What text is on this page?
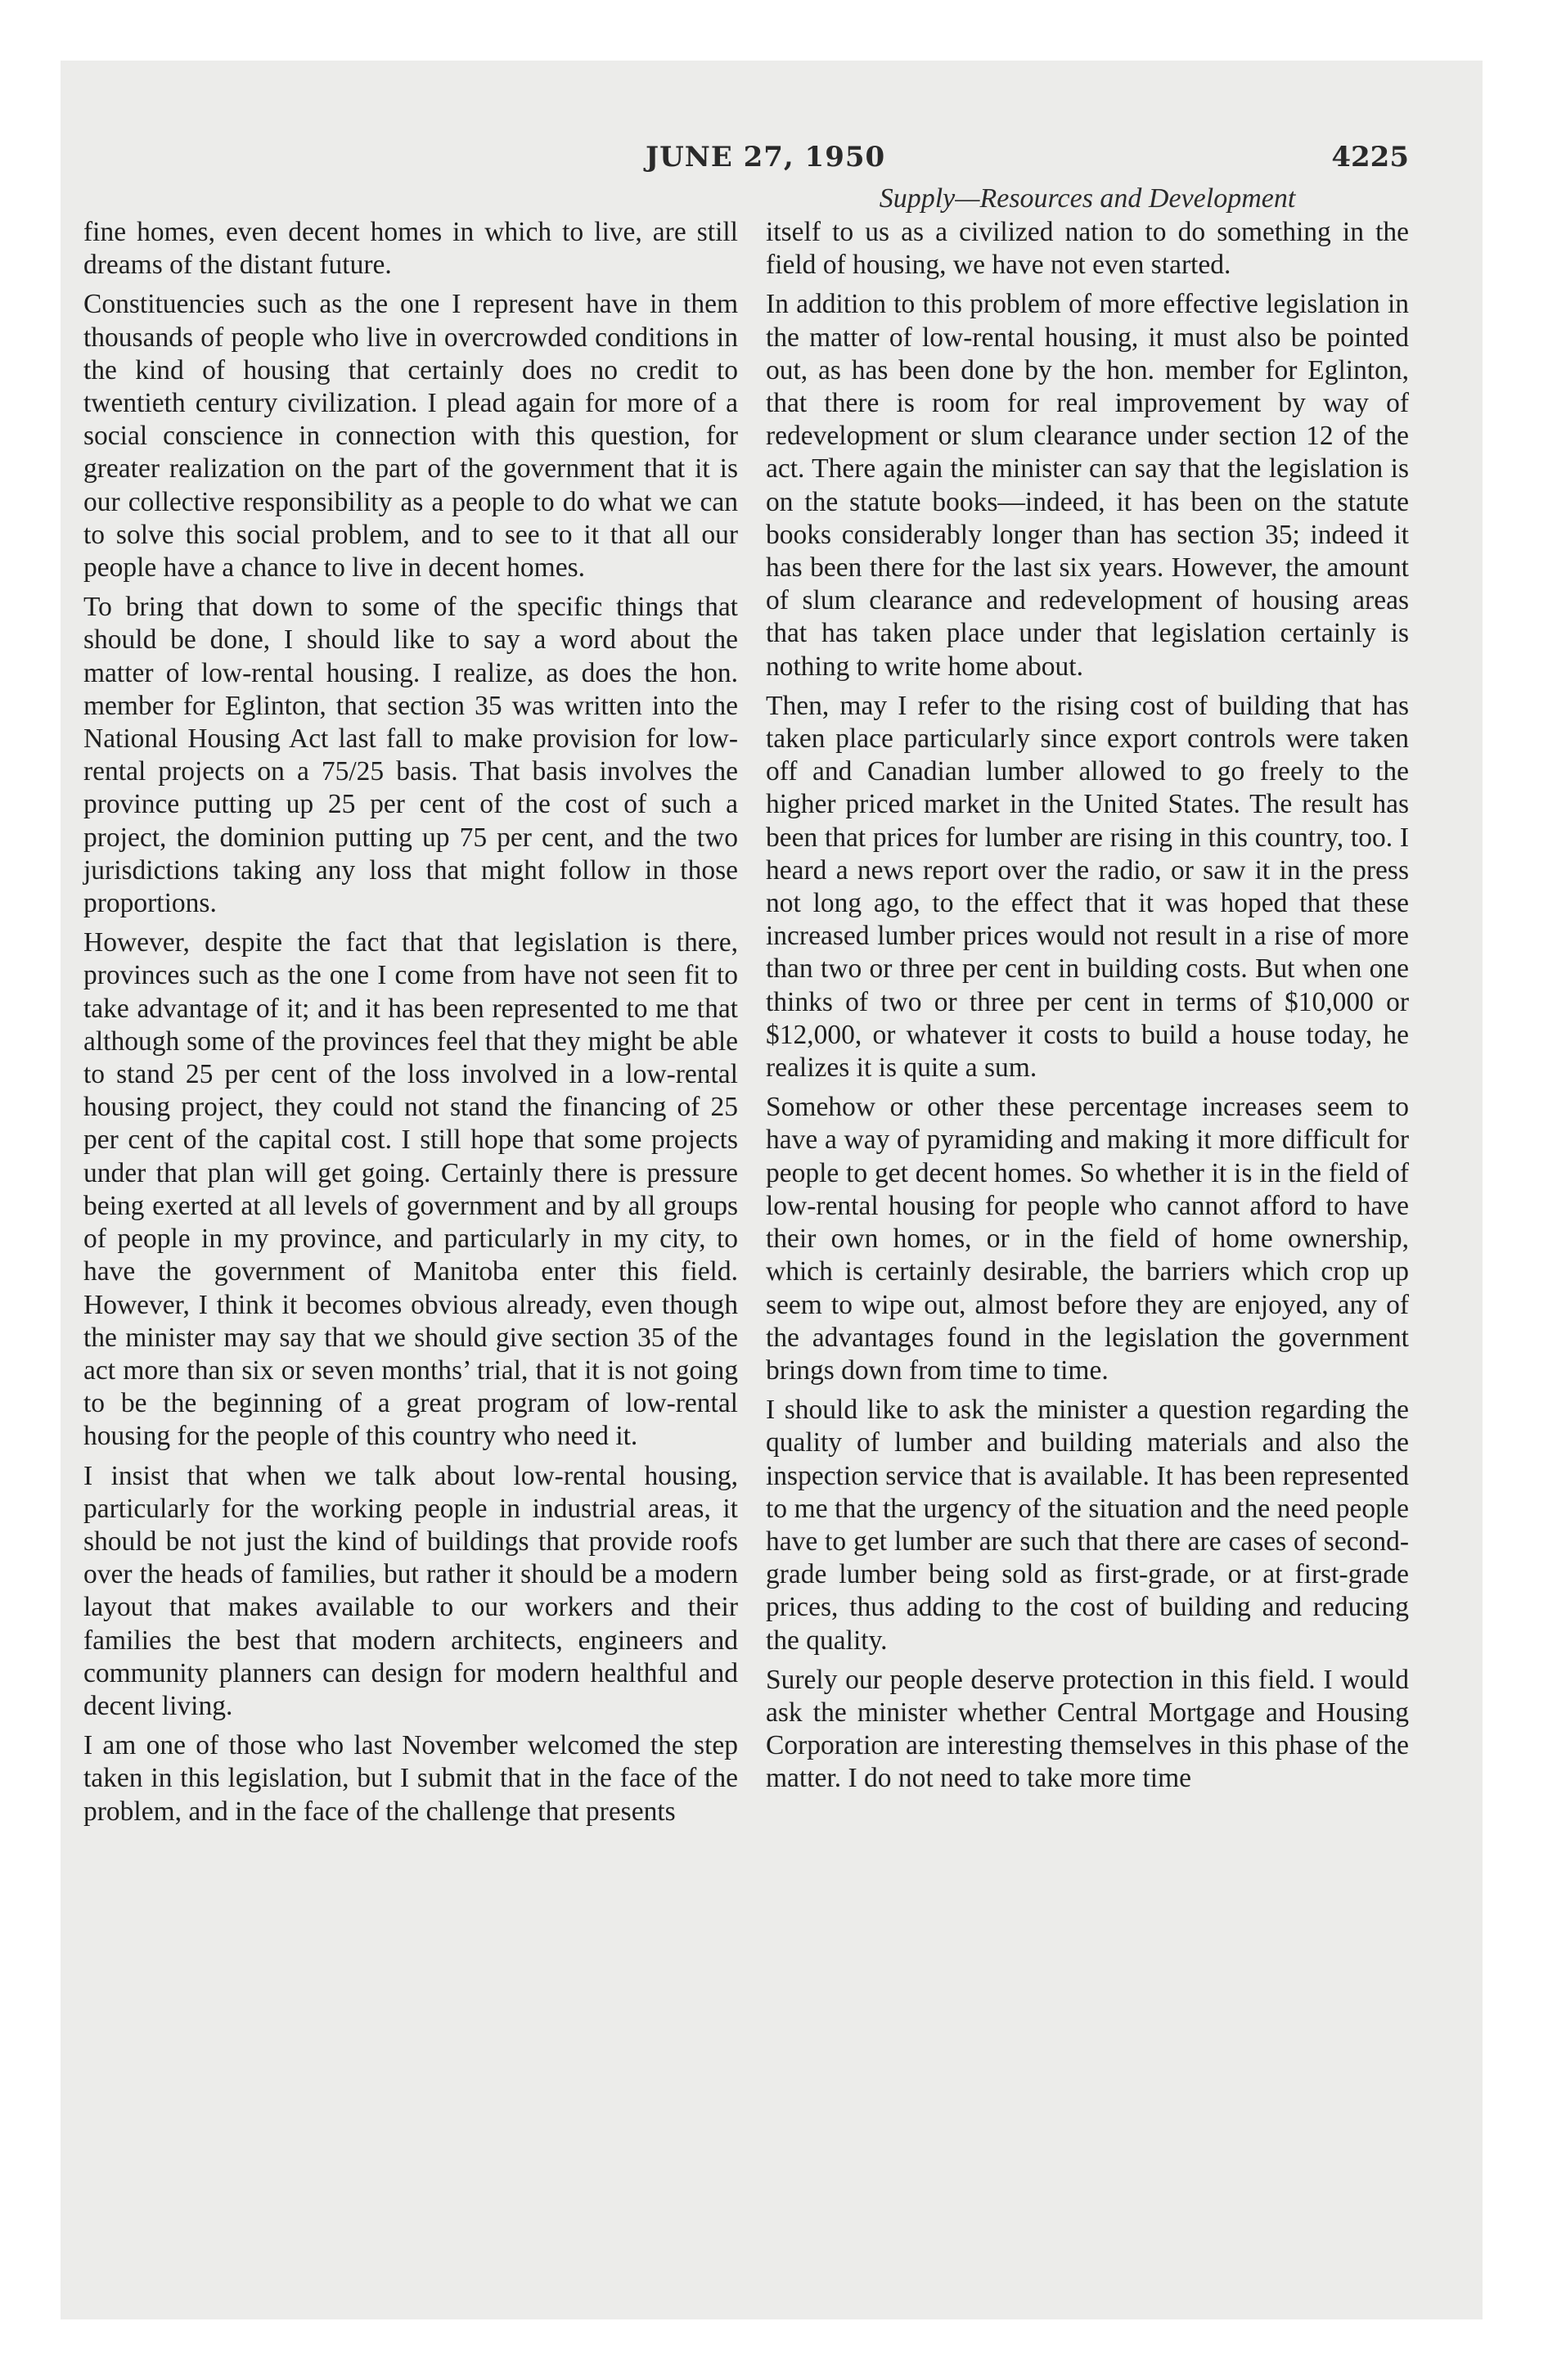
JUNE 27, 1950	4225
Supply—Resources and Development

fine homes, even decent homes in which to live, are still dreams of the distant future.

Constituencies such as the one I represent have in them thousands of people who live in overcrowded conditions in the kind of housing that certainly does no credit to twentieth century civilization. I plead again for more of a social conscience in connection with this question, for greater realization on the part of the government that it is our collective responsibility as a people to do what we can to solve this social problem, and to see to it that all our people have a chance to live in decent homes.

To bring that down to some of the specific things that should be done, I should like to say a word about the matter of low-rental housing. I realize, as does the hon. member for Eglinton, that section 35 was written into the National Housing Act last fall to make provision for low-rental projects on a 75/25 basis. That basis involves the province putting up 25 per cent of the cost of such a project, the dominion putting up 75 per cent, and the two jurisdictions taking any loss that might follow in those proportions.

However, despite the fact that that legislation is there, provinces such as the one I come from have not seen fit to take advantage of it; and it has been represented to me that although some of the provinces feel that they might be able to stand 25 per cent of the loss involved in a low-rental housing project, they could not stand the financing of 25 per cent of the capital cost. I still hope that some projects under that plan will get going. Certainly there is pressure being exerted at all levels of government and by all groups of people in my province, and particularly in my city, to have the government of Manitoba enter this field. However, I think it becomes obvious already, even though the minister may say that we should give section 35 of the act more than six or seven months’ trial, that it is not going to be the beginning of a great program of low-rental housing for the people of this country who need it.

I insist that when we talk about low-rental housing, particularly for the working people in industrial areas, it should be not just the kind of buildings that provide roofs over the heads of families, but rather it should be a modern layout that makes available to our workers and their families the best that modern architects, engineers and community planners can design for modern healthful and decent living.

I am one of those who last November welcomed the step taken in this legislation, but I submit that in the face of the problem, and in the face of the challenge that presents

itself to us as a civilized nation to do something in the field of housing, we have not even started.

In addition to this problem of more effective legislation in the matter of low-rental housing, it must also be pointed out, as has been done by the hon. member for Eglinton, that there is room for real improvement by way of redevelopment or slum clearance under section 12 of the act. There again the minister can say that the legislation is on the statute books—indeed, it has been on the statute books considerably longer than has section 35; indeed it has been there for the last six years. However, the amount of slum clearance and redevelopment of housing areas that has taken place under that legislation certainly is nothing to write home about.

Then, may I refer to the rising cost of building that has taken place particularly since export controls were taken off and Canadian lumber allowed to go freely to the higher priced market in the United States. The result has been that prices for lumber are rising in this country, too. I heard a news report over the radio, or saw it in the press not long ago, to the effect that it was hoped that these increased lumber prices would not result in a rise of more than two or three per cent in building costs. But when one thinks of two or three per cent in terms of $10,000 or $12,000, or whatever it costs to build a house today, he realizes it is quite a sum.

Somehow or other these percentage increases seem to have a way of pyramiding and making it more difficult for people to get decent homes. So whether it is in the field of low-rental housing for people who cannot afford to have their own homes, or in the field of home ownership, which is certainly desirable, the barriers which crop up seem to wipe out, almost before they are enjoyed, any of the advantages found in the legislation the government brings down from time to time.

I should like to ask the minister a question regarding the quality of lumber and building materials and also the inspection service that is available. It has been represented to me that the urgency of the situation and the need people have to get lumber are such that there are cases of second-grade lumber being sold as first-grade, or at first-grade prices, thus adding to the cost of building and reducing the quality.

Surely our people deserve protection in this field. I would ask the minister whether Central Mortgage and Housing Corporation are interesting themselves in this phase of the matter. I do not need to take more time
